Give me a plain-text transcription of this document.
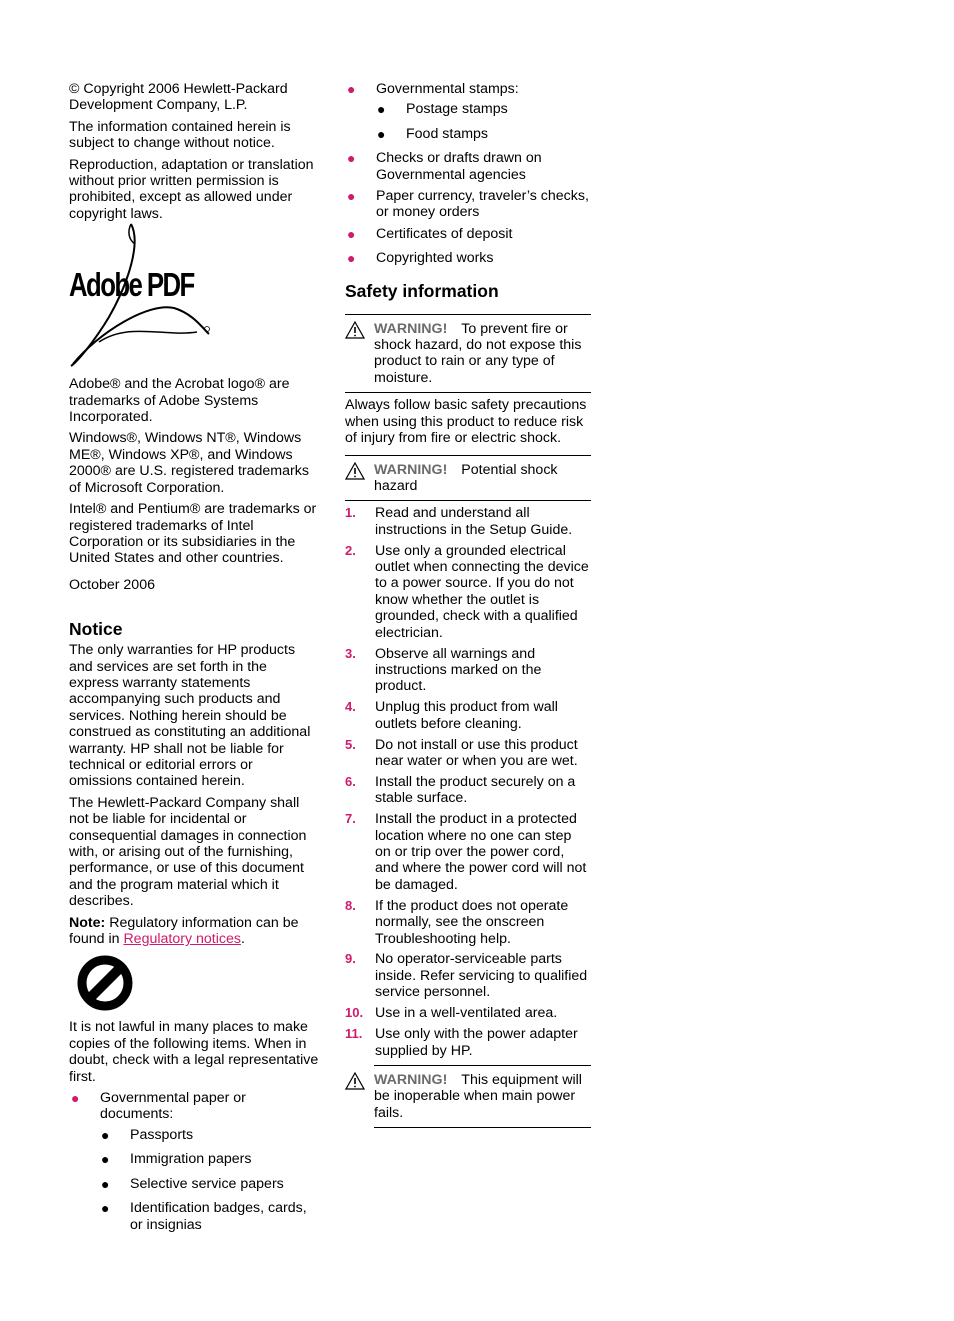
© Copyright 2006 Hewlett-Packard Development Company, L.P.

The information contained herein is subject to change without notice.

Reproduction, adaptation or translation without prior written permission is prohibited, except as allowed under copyright laws.

Adobe PDF

Adobe® and the Acrobat logo® are trademarks of Adobe Systems Incorporated.

Windows®, Windows NT®, Windows ME®, Windows XP®, and Windows 2000® are U.S. registered trademarks of Microsoft Corporation.

Intel® and Pentium® are trademarks or registered trademarks of Intel Corporation or its subsidiaries in the United States and other countries.

October 2006

Notice

The only warranties for HP products and services are set forth in the express warranty statements accompanying such products and services. Nothing herein should be construed as constituting an additional warranty. HP shall not be liable for technical or editorial errors or omissions contained herein.

The Hewlett-Packard Company shall not be liable for incidental or consequential damages in connection with, or arising out of the furnishing, performance, or use of this document and the program material which it describes.

Note: Regulatory information can be found in Regulatory notices.

It is not lawful in many places to make copies of the following items. When in doubt, check with a legal representative first.

● Governmental paper or documents:
● Passports
● Immigration papers
● Selective service papers
● Identification badges, cards, or insignias
● Governmental stamps:
● Postage stamps
● Food stamps
● Checks or drafts drawn on Governmental agencies
● Paper currency, traveler’s checks, or money orders
● Certificates of deposit
● Copyrighted works
Safety information
WARNING! To prevent fire or shock hazard, do not expose this product to rain or any type of moisture.

Always follow basic safety precautions when using this product to reduce risk of injury from fire or electric shock.

WARNING! Potential shock hazard
1. Read and understand all instructions in the Setup Guide.
2. Use only a grounded electrical outlet when connecting the device to a power source. If you do not know whether the outlet is grounded, check with a qualified electrician.
3. Observe all warnings and instructions marked on the product.
4. Unplug this product from wall outlets before cleaning.
5. Do not install or use this product near water or when you are wet.
6. Install the product securely on a stable surface.
7. Install the product in a protected location where no one can step on or trip over the power cord, and where the power cord will not be damaged.
8. If the product does not operate normally, see the onscreen Troubleshooting help.
9. No operator-serviceable parts inside. Refer servicing to qualified service personnel.
10. Use in a well-ventilated area.
11. Use only with the power adapter supplied by HP.
WARNING! This equipment will be inoperable when main power fails.
